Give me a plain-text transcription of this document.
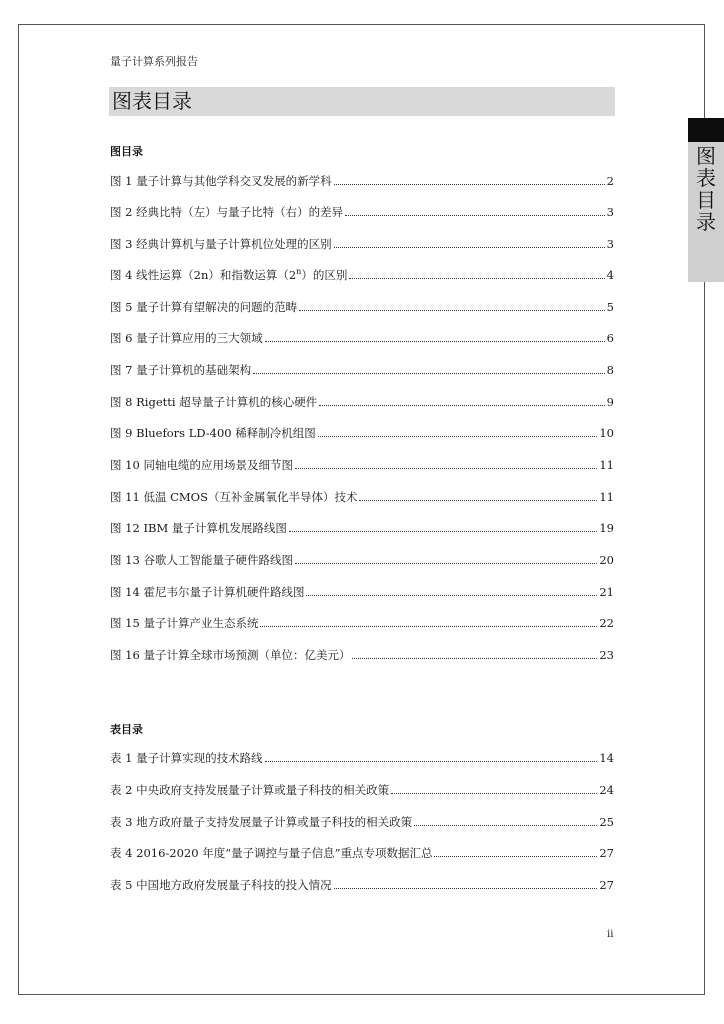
量子计算系列报告
图表目录
图
表
目
录
图目录
图 1 量子计算与其他学科交叉发展的新学科	2
图 2 经典比特（左）与量子比特（右）的差异	3
图 3 经典计算机与量子计算机位处理的区别	3
图 4 线性运算（2n）和指数运算（2$^n$）的区别	4
图 5 量子计算有望解决的问题的范畴	5
图 6 量子计算应用的三大领域	6
图 7 量子计算机的基础架构	8
图 8 Rigetti 超导量子计算机的核心硬件	9
图 9 Bluefors LD-400 稀释制冷机组图	10
图 10 同轴电缆的应用场景及细节图	11
图 11 低温 CMOS（互补金属氧化半导体）技术	11
图 12 IBM 量子计算机发展路线图	19
图 13 谷歌人工智能量子硬件路线图	20
图 14 霍尼韦尔量子计算机硬件路线图	21
图 15 量子计算产业生态系统	22
图 16 量子计算全球市场预测（单位：亿美元）	23
表目录
表 1 量子计算实现的技术路线	14
表 2 中央政府支持发展量子计算或量子科技的相关政策	24
表 3 地方政府量子支持发展量子计算或量子科技的相关政策	25
表 4 2016-2020 年度“量子调控与量子信息”重点专项数据汇总	27
表 5 中国地方政府发展量子科技的投入情况	27
ii
